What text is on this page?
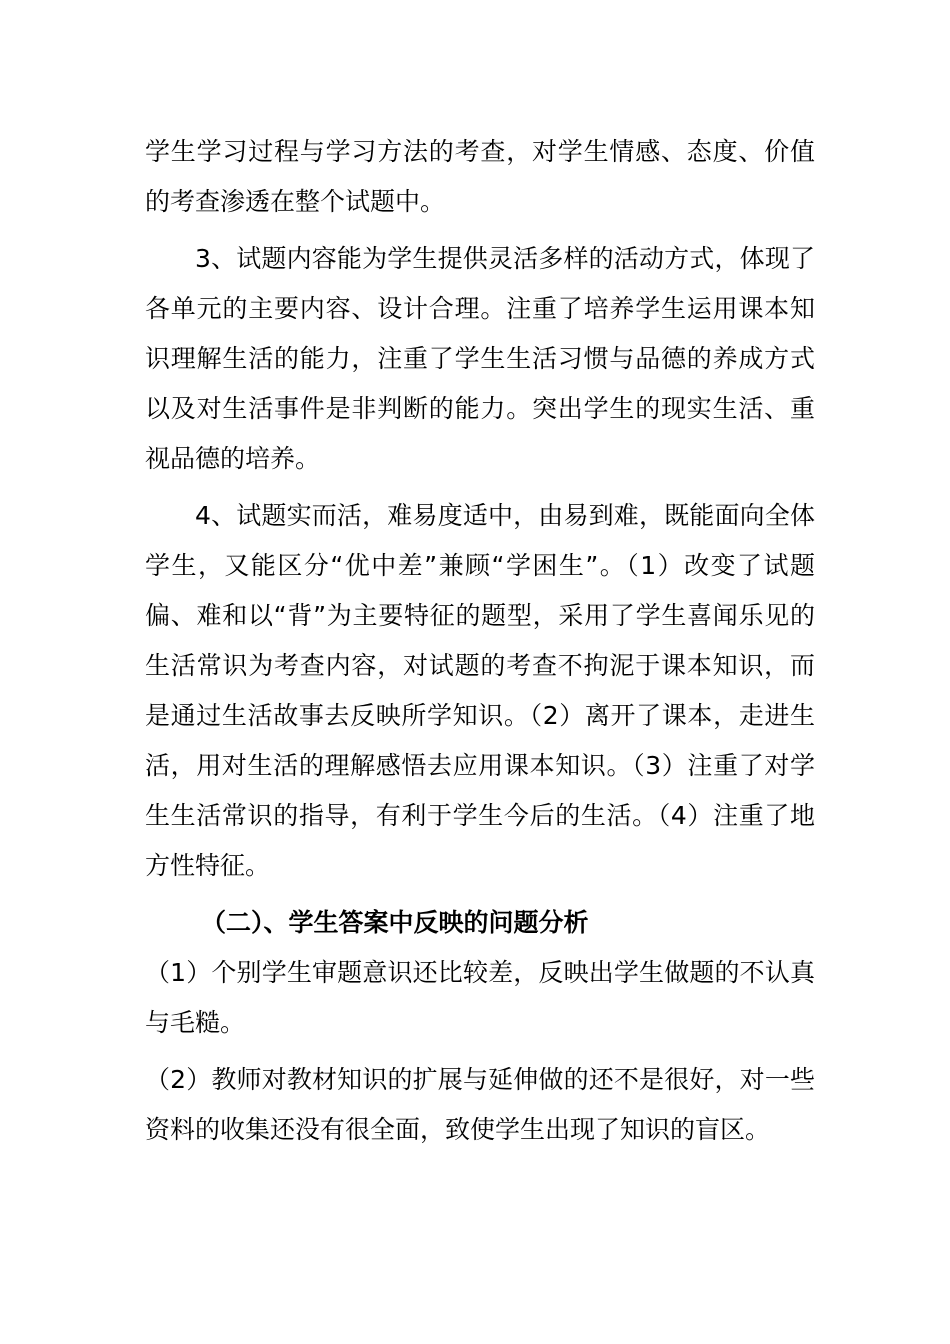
学生学习过程与学习方法的考查，对学生情感、态度、价值的考查渗透在整个试题中。

3、试题内容能为学生提供灵活多样的活动方式，体现了各单元的主要内容、设计合理。注重了培养学生运用课本知识理解生活的能力，注重了学生生活习惯与品德的养成方式以及对生活事件是非判断的能力。突出学生的现实生活、重视品德的培养。

4、试题实而活，难易度适中，由易到难，既能面向全体学生，又能区分“优中差”兼顾“学困生”。（1）改变了试题偏、难和以“背”为主要特征的题型，采用了学生喜闻乐见的生活常识为考查内容，对试题的考查不拘泥于课本知识，而是通过生活故事去反映所学知识。（2）离开了课本，走进生活，用对生活的理解感悟去应用课本知识。（3）注重了对学生生活常识的指导，有利于学生今后的生活。（4）注重了地方性特征。

（二）、学生答案中反映的问题分析

（1）个别学生审题意识还比较差，反映出学生做题的不认真与毛糙。

（2）教师对教材知识的扩展与延伸做的还不是很好，对一些资料的收集还没有很全面，致使学生出现了知识的盲区。
